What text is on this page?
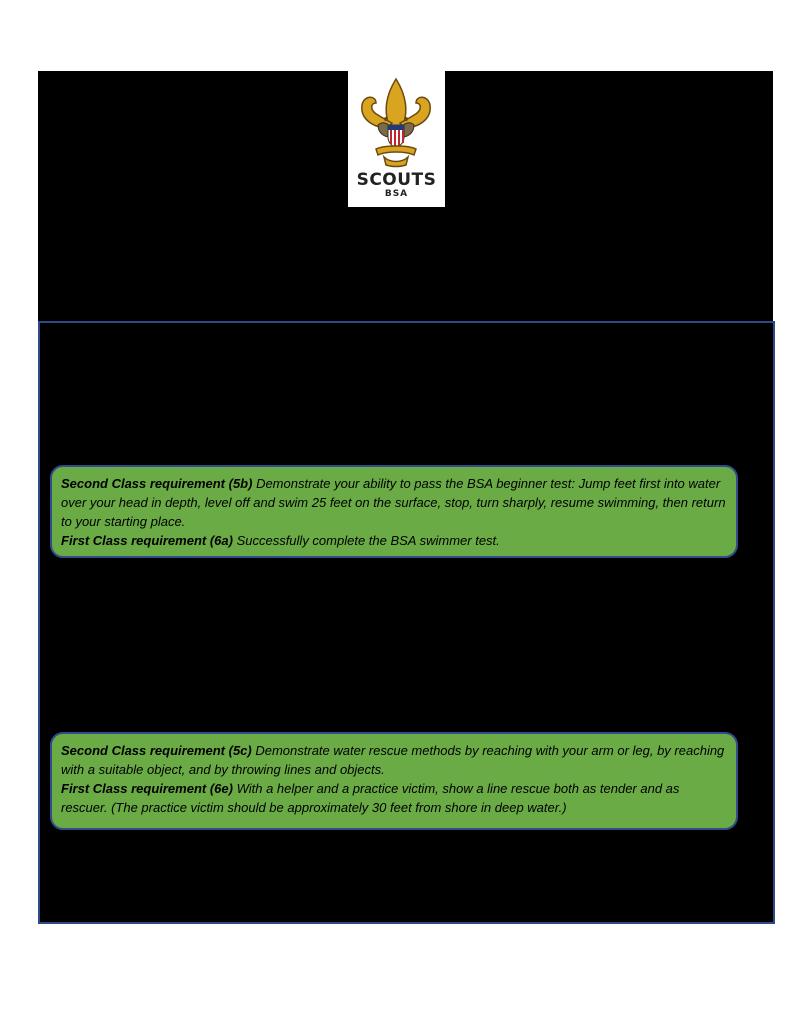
SCOUTS
BSA

Second Class requirement (5b) Demonstrate your ability to pass the BSA beginner test: Jump feet first into water over your head in depth, level off and swim 25 feet on the surface, stop, turn sharply, resume swimming, then return to your starting place.

First Class requirement (6a) Successfully complete the BSA swimmer test.

Second Class requirement (5c) Demonstrate water rescue methods by reaching with your arm or leg, by reaching with a suitable object, and by throwing lines and objects.

First Class requirement (6e) With a helper and a practice victim, show a line rescue both as tender and as rescuer. (The practice victim should be approximately 30 feet from shore in deep water.)
